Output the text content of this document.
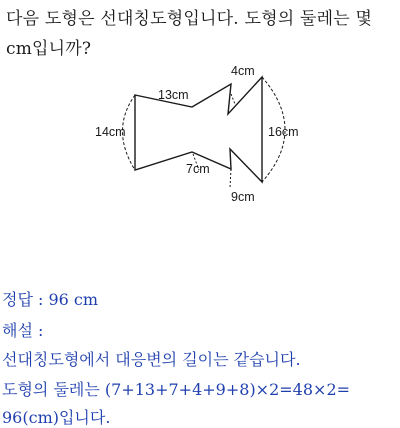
다음 도형은 선대칭도형입니다. 도형의 둘레는 몇
cm입니까?
13cm
4cm
14cm	16cm
7cm
9cm
정답 : 96 cm
해설 :
선대칭도형에서 대응변의 길이는 같습니다.
도형의 둘레는 (7+13+7+4+9+8)×2=48×2=
96(cm)입니다.
